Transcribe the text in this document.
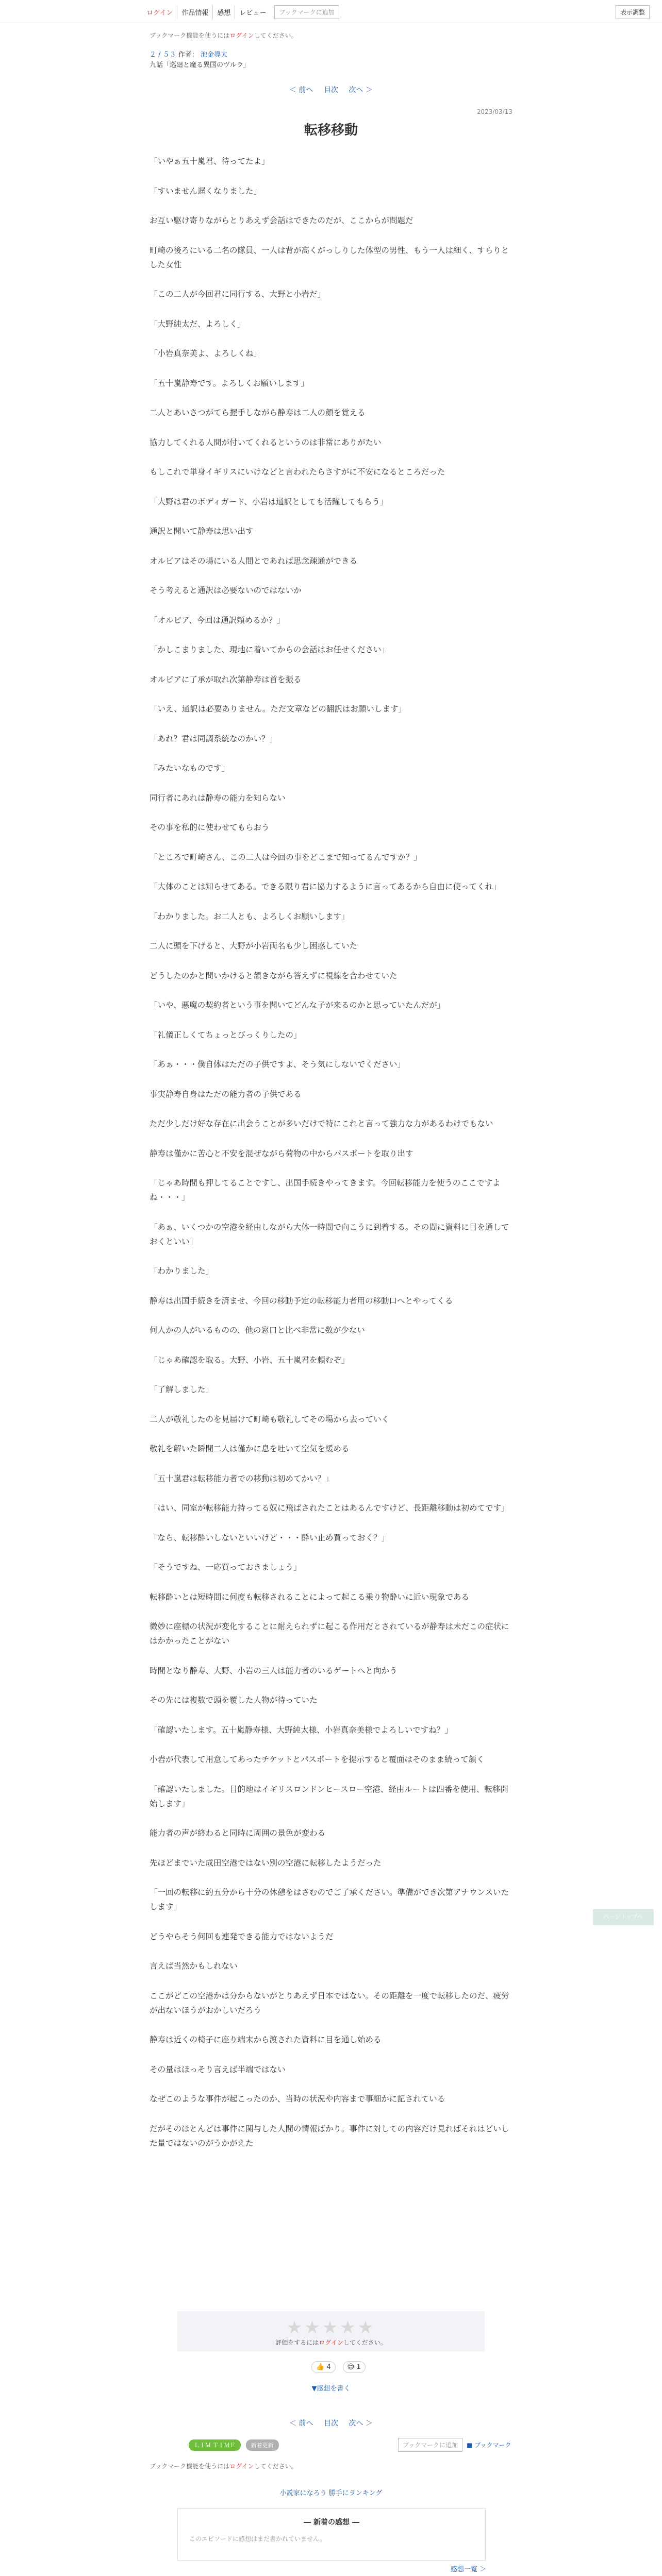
ログイン	作品情報	感想	レビュー	ブックマークに追加	表示調整
ブックマーク機能を使うにはログインしてください。
２ / ５３ 作者： 池金導太
九話「巡廻と魔る異国のヴルラ」
＜ 前へ 目次 次へ ＞
2023/03/13
転移移動

「いやぁ五十嵐君、待ってたよ」

「すいません遅くなりました」

お互い駆け寄りながらとりあえず会話はできたのだが、ここからが問題だ

町崎の後ろにいる二名の隊員、一人は背が高くがっしりした体型の男性、もう一人は細く、すらりとした女性

「この二人が今回君に同行する、大野と小岩だ」

「大野純太だ、よろしく」

「小岩真奈美よ、よろしくね」

「五十嵐静寿です。よろしくお願いします」

二人とあいさつがてら握手しながら静寿は二人の顔を覚える

協力してくれる人間が付いてくれるというのは非常にありがたい

もしこれで単身イギリスにいけなどと言われたらさすがに不安になるところだった

「大野は君のボディガード、小岩は通訳としても活躍してもらう」

通訳と聞いて静寿は思い出す

オルビアはその場にいる人間とであれば思念疎通ができる

そう考えると通訳は必要ないのではないか

「オルビア、今回は通訳頼めるか？」

「かしこまりました、現地に着いてからの会話はお任せください」

オルビアに了承が取れ次第静寿は首を振る

「いえ、通訳は必要ありません。ただ文章などの翻訳はお願いします」

「あれ？君は同調系統なのかい？」

「みたいなものです」

同行者にあれは静寿の能力を知らない

その事を私的に使わせてもらおう

「ところで町崎さん、この二人は今回の事をどこまで知ってるんですか？」

「大体のことは知らせてある。できる限り君に協力するように言ってあるから自由に使ってくれ」

「わかりました。お二人とも、よろしくお願いします」

二人に頭を下げると、大野が小岩両名も少し困惑していた

どうしたのかと問いかけると頷きながら答えずに視線を合わせていた

「いや、悪魔の契約者という事を聞いてどんな子が来るのかと思っていたんだが」

「礼儀正しくてちょっとびっくりしたの」

「あぁ・・・僕自体はただの子供ですよ、そう気にしないでください」

事実静寿自身はただの能力者の子供である

ただ少しだけ好な存在に出会うことが多いだけで特にこれと言って強力な力があるわけでもない

静寿は僅かに苦心と不安を混ぜながら荷物の中からパスポートを取り出す

「じゃあ時間も押してることですし、出国手続きやってきます。今回転移能力を使うのここですよね・・・」

「あぁ、いくつかの空港を経由しながら大体一時間で向こうに到着する。その間に資料に目を通しておくといい」

「わかりました」

静寿は出国手続きを済ませ、今回の移動予定の転移能力者用の移動口へとやってくる

何人かの人がいるものの、他の窓口と比べ非常に数が少ない

「じゃあ確認を取る。大野、小岩、五十嵐君を頼むぞ」

「了解しました」

二人が敬礼したのを見届けて町崎も敬礼してその場から去っていく

敬礼を解いた瞬間二人は僅かに息を吐いて空気を緩める

「五十嵐君は転移能力者での移動は初めてかい？」

「はい、同室が転移能力持ってる奴に飛ばされたことはあるんですけど、長距離移動は初めてです」

「なら、転移酔いしないといいけど・・・酔い止め買っておく？」

「そうですね、一応買っておきましょう」

転移酔いとは短時間に何度も転移されることによって起こる乗り物酔いに近い現象である

微妙に座標の状況が変化することに耐えられずに起こる作用だとされているが静寿は未だこの症状にはかかったことがない

時間となり静寿、大野、小岩の三人は能力者のいるゲートへと向かう

その先には複数で頭を覆した人物が待っていた

「確認いたします。五十嵐静寿様、大野純太様、小岩真奈美様でよろしいですね？」

小岩が代表して用意してあったチケットとパスポートを提示すると覆面はそのまま続って頷く

「確認いたしました。目的地はイギリスロンドンヒースロー空港、経由ルートは四番を使用、転移開始します」

能力者の声が終わると同時に周囲の景色が変わる

先ほどまでいた成田空港ではない別の空港に転移したようだった

「一回の転移に約五分から十分の休憩をはさむのでご了承ください。準備ができ次第アナウンスいたします」

どうやらそう何回も連発できる能力ではないようだ

言えば当然かもしれない

ここがどこの空港かは分からないがとりあえず日本ではない。その距離を一度で転移したのだ、疲労が出ないほうがおかしいだろう

静寿は近くの椅子に座り端末から渡された資料に目を通し始める

その量はほっそり言えば半端ではない

なぜこのような事件が起こったのか、当時の状況や内容まで事細かに記されている

だがそのほとんどは事件に関与した人間の情報ばかり。事件に対しての内容だけ見ればそれはどいした量ではないのがうかがえた

ページトップへ
★★★★★
評価をするにはログインしてください。
👍 4	😊 1
▼感想を書く
＜ 前へ 目次 次へ ＞
ＬＩＭ ＴＩＭＥ	新着更新	ブックマークに追加	■ ブックマーク
ブックマーク機能を使うにはログインしてください。
小説家になろう 勝手にランキング
― 新着の感想 ―
このエピソードに感想はまだ書かれていません。
感想一覧 ＞
